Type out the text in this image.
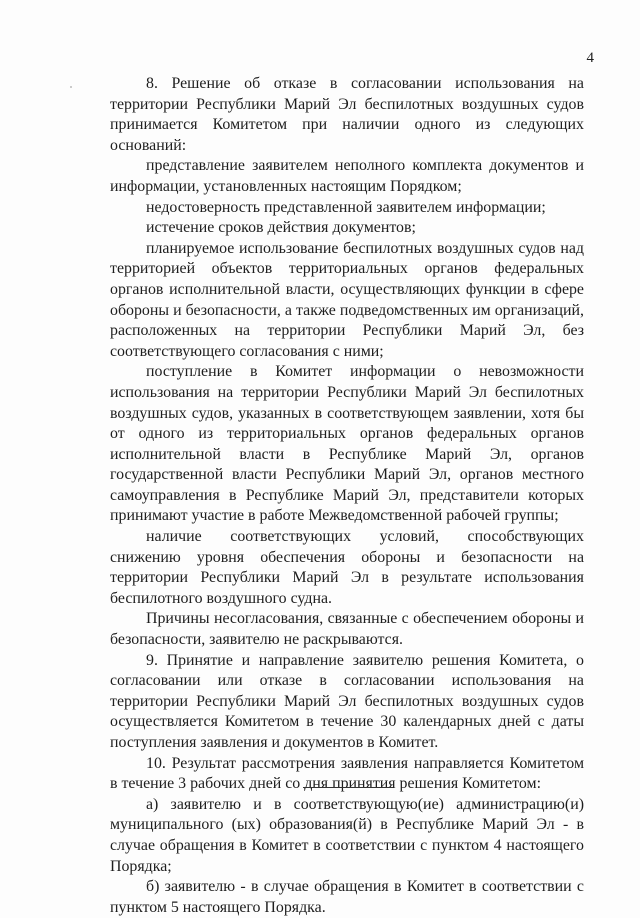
4

8. Решение об отказе в согласовании использования на территории Республики Марий Эл беспилотных воздушных судов принимается Комитетом при наличии одного из следующих оснований:

представление заявителем неполного комплекта документов и информации, установленных настоящим Порядком;

недостоверность представленной заявителем информации;

истечение сроков действия документов;

планируемое использование беспилотных воздушных судов над территорией объектов территориальных органов федеральных органов исполнительной власти, осуществляющих функции в сфере обороны и безопасности, а также подведомственных им организаций, расположенных на территории Республики Марий Эл, без соответствующего согласования с ними;

поступление в Комитет информации о невозможности использования на территории Республики Марий Эл беспилотных воздушных судов, указанных в соответствующем заявлении, хотя бы от одного из территориальных органов федеральных органов исполнительной власти в Республике Марий Эл, органов государственной власти Республики Марий Эл, органов местного самоуправления в Республике Марий Эл, представители которых принимают участие в работе Межведомственной рабочей группы;

наличие соответствующих условий, способствующих снижению уровня обеспечения обороны и безопасности на территории Республики Марий Эл в результате использования беспилотного воздушного судна.

Причины несогласования, связанные с обеспечением обороны и безопасности, заявителю не раскрываются.

9. Принятие и направление заявителю решения Комитета, о согласовании или отказе в согласовании использования на территории Республики Марий Эл беспилотных воздушных судов осуществляется Комитетом в течение 30 календарных дней с даты поступления заявления и документов в Комитет.

10. Результат рассмотрения заявления направляется Комитетом в течение 3 рабочих дней со дня принятия решения Комитетом:

а) заявителю и в соответствующую(ие) администрацию(и) муниципального (ых) образования(й) в Республике Марий Эл - в случае обращения в Комитет в соответствии с пунктом 4 настоящего Порядка;

б) заявителю - в случае обращения в Комитет в соответствии с пунктом 5 настоящего Порядка.
